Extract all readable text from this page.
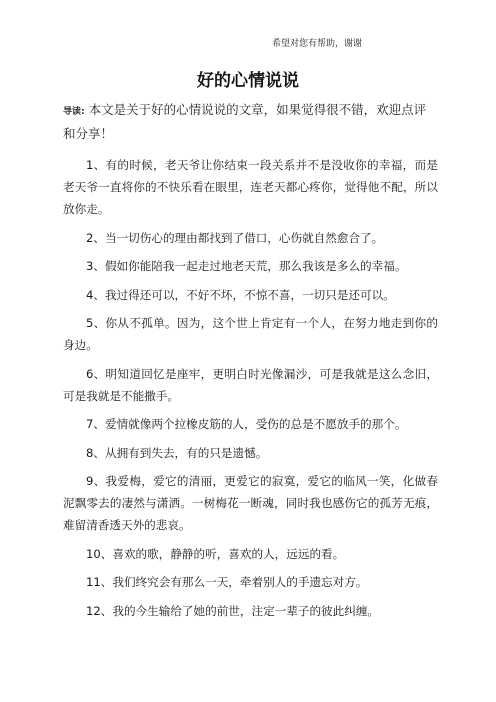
希望对您有帮助，谢谢
好的心情说说
导读: 本文是关于好的心情说说的文章，如果觉得很不错，欢迎点评和分享！

1、有的时候，老天爷让你结束一段关系并不是没收你的幸福，而是老天爷一直将你的不快乐看在眼里，连老天都心疼你，觉得他不配，所以放你走。

2、当一切伤心的理由都找到了借口，心伤就自然愈合了。

3、假如你能陪我一起走过地老天荒，那么我该是多么的幸福。

4、我过得还可以，不好不坏，不惊不喜，一切只是还可以。

5、你从不孤单。因为，这个世上肯定有一个人，在努力地走到你的身边。

6、明知道回忆是座牢，更明白时光像漏沙，可是我就是这么念旧，可是我就是不能撒手。

7、爱情就像两个拉橡皮筋的人，受伤的总是不愿放手的那个。

8、从拥有到失去，有的只是遗憾。

9、我爱梅，爱它的清丽，更爱它的寂寞，爱它的临风一笑，化做春泥飘零去的凄然与潇洒。一树梅花一断魂，同时我也感伤它的孤芳无痕，难留清香透天外的悲哀。

10、喜欢的歌，静静的听，喜欢的人，远远的看。

11、我们终究会有那么一天，牵着别人的手遗忘对方。

12、我的今生输给了她的前世，注定一辈子的彼此纠缠。
